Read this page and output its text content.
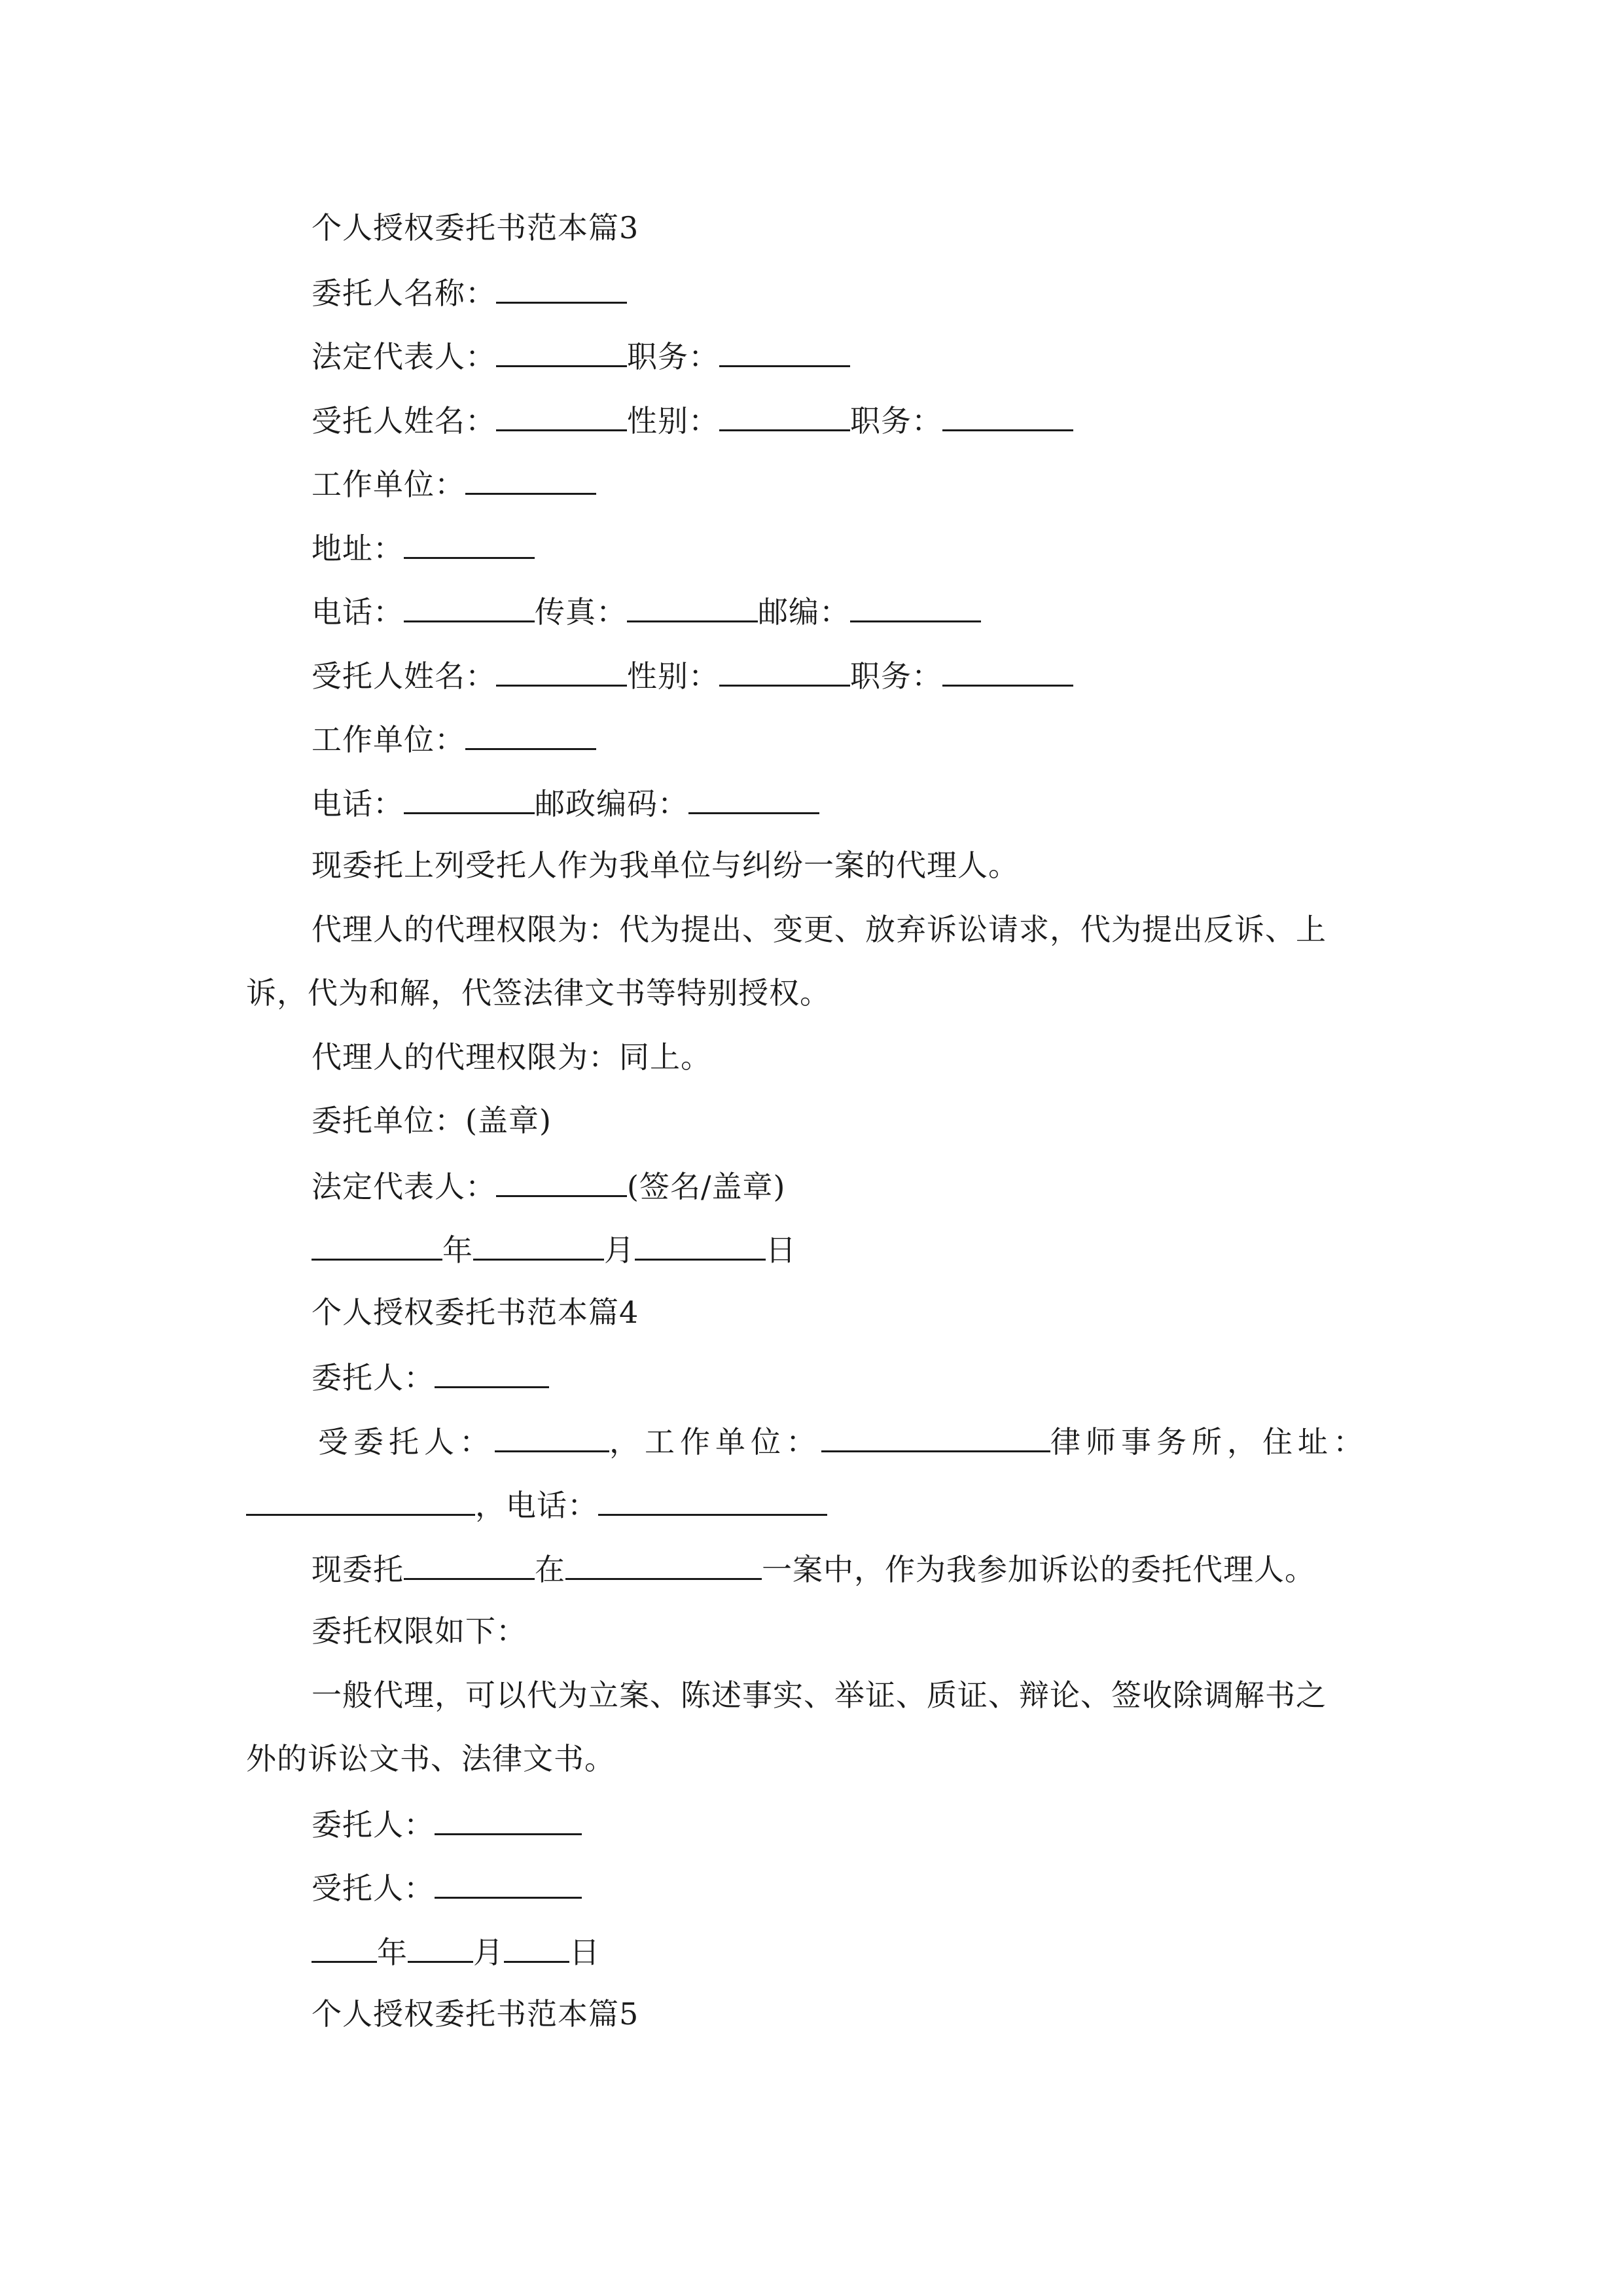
个人授权委托书范本篇3
委托人名称：
法定代表人：	职务：
受托人姓名：	性别：	职务：
工作单位：
地址：
电话：	传真：	邮编：
受托人姓名：	性别：	职务：
工作单位：
电话：	邮政编码：
现委托上列受托人作为我单位与纠纷一案的代理人。
代理人的代理权限为：代为提出、变更、放弃诉讼请求，代为提出反诉、上
诉，代为和解，代签法律文书等特别授权。
代理人的代理权限为：同上。
委托单位：(盖章)
法定代表人：	(签名/盖章)
年	月	日
个人授权委托书范本篇4
委托人：
受委托人：	，工作单位：	律师事务所，住址：
，电话：
现委托	在	一案中，作为我参加诉讼的委托代理人。
委托权限如下：
一般代理，可以代为立案、陈述事实、举证、质证、辩论、签收除调解书之
外的诉讼文书、法律文书。
委托人：
受托人：
年 月 日
个人授权委托书范本篇5
